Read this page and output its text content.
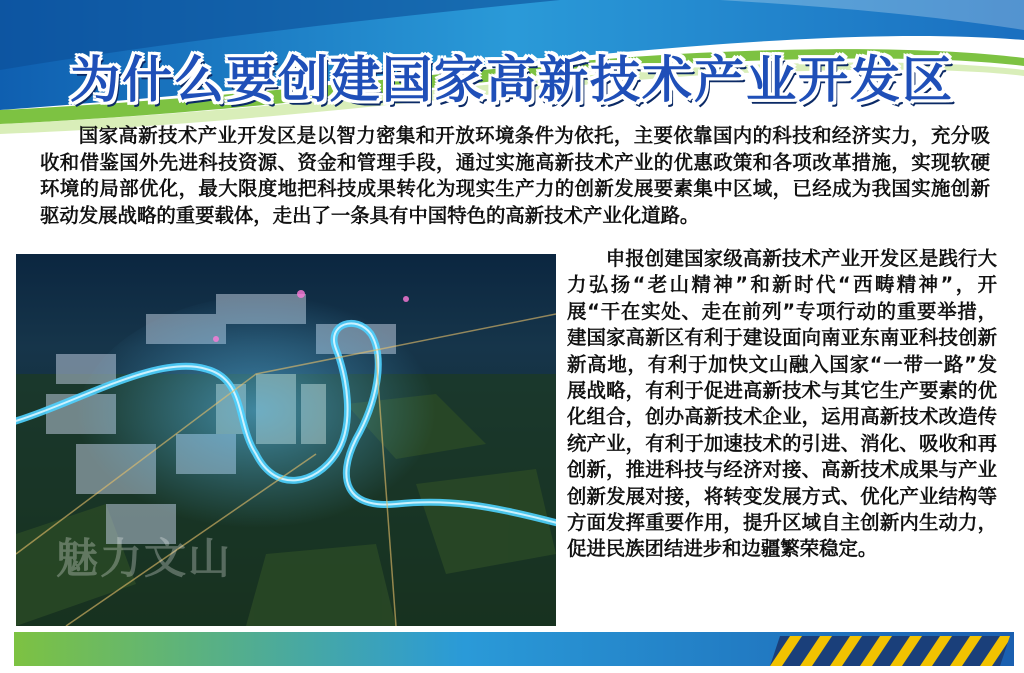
为什么要创建国家高新技术产业开发区

国家高新技术产业开发区是以智力密集和开放环境条件为依托，主要依靠国内的科技和经济实力，充分吸收和借鉴国外先进科技资源、资金和管理手段，通过实施高新技术产业的优惠政策和各项改革措施，实现软硬环境的局部优化，最大限度地把科技成果转化为现实生产力的创新发展要素集中区域，已经成为我国实施创新驱动发展战略的重要载体，走出了一条具有中国特色的高新技术产业化道路。

魅力文山

申报创建国家级高新技术产业开发区是践行大力弘扬“老山精神”和新时代“西畴精神”，开展“干在实处、走在前列”专项行动的重要举措，建国家高新区有利于建设面向南亚东南亚科技创新新高地，有利于加快文山融入国家“一带一路”发展战略，有利于促进高新技术与其它生产要素的优化组合，创办高新技术企业，运用高新技术改造传统产业，有利于加速技术的引进、消化、吸收和再创新，推进科技与经济对接、高新技术成果与产业创新发展对接，将转变发展方式、优化产业结构等方面发挥重要作用，提升区域自主创新内生动力，促进民族团结进步和边疆繁荣稳定。
